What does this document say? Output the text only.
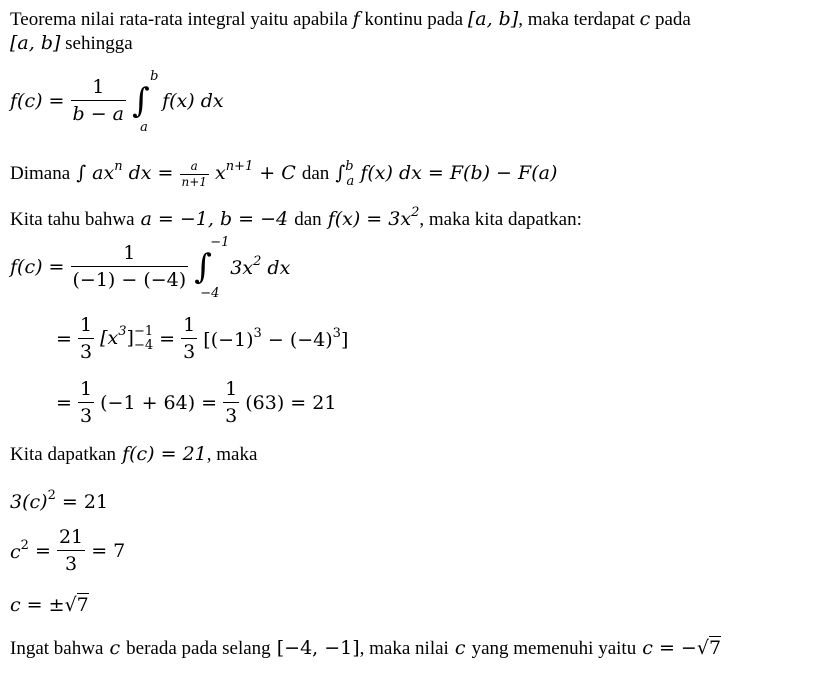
Teorema nilai rata-rata integral yaitu apabila f kontinu pada [a, b], maka terdapat c pada
[a, b] sehingga
$f(c) = \frac{1}{b - a}$ ∫
b
a
f(x) dx
Dimana ∫ $ax^n$ dx = $\frac{a}{n+1} x^{n+1} + C$ dan ∫$^b_a$ f(x) dx = F(b) − F(a)
Kita tahu bahwa a = −1, b = −4 dan $f(x) = 3x^2$, maka kita dapatkan:
$f(c) = \frac{1}{(-1) - (-4)}$ ∫
−1
−4
$3x^2$ dx
= $\frac{1}{3} [x^3] -1$
$-4 = \frac{1}{3} [(-1)^3 - (-4)^3]$
= $\frac{1}{3} (-1 + 64) = \frac{1}{3} (63) = 21$
Kita dapatkan f(c) = 21, maka
$3(c)^2 = 21$
$c^2 = \frac{21}{3} = 7$
c = ±√7
Ingat bahwa c berada pada selang [−4, −1], maka nilai c yang memenuhi yaitu c = −√7
